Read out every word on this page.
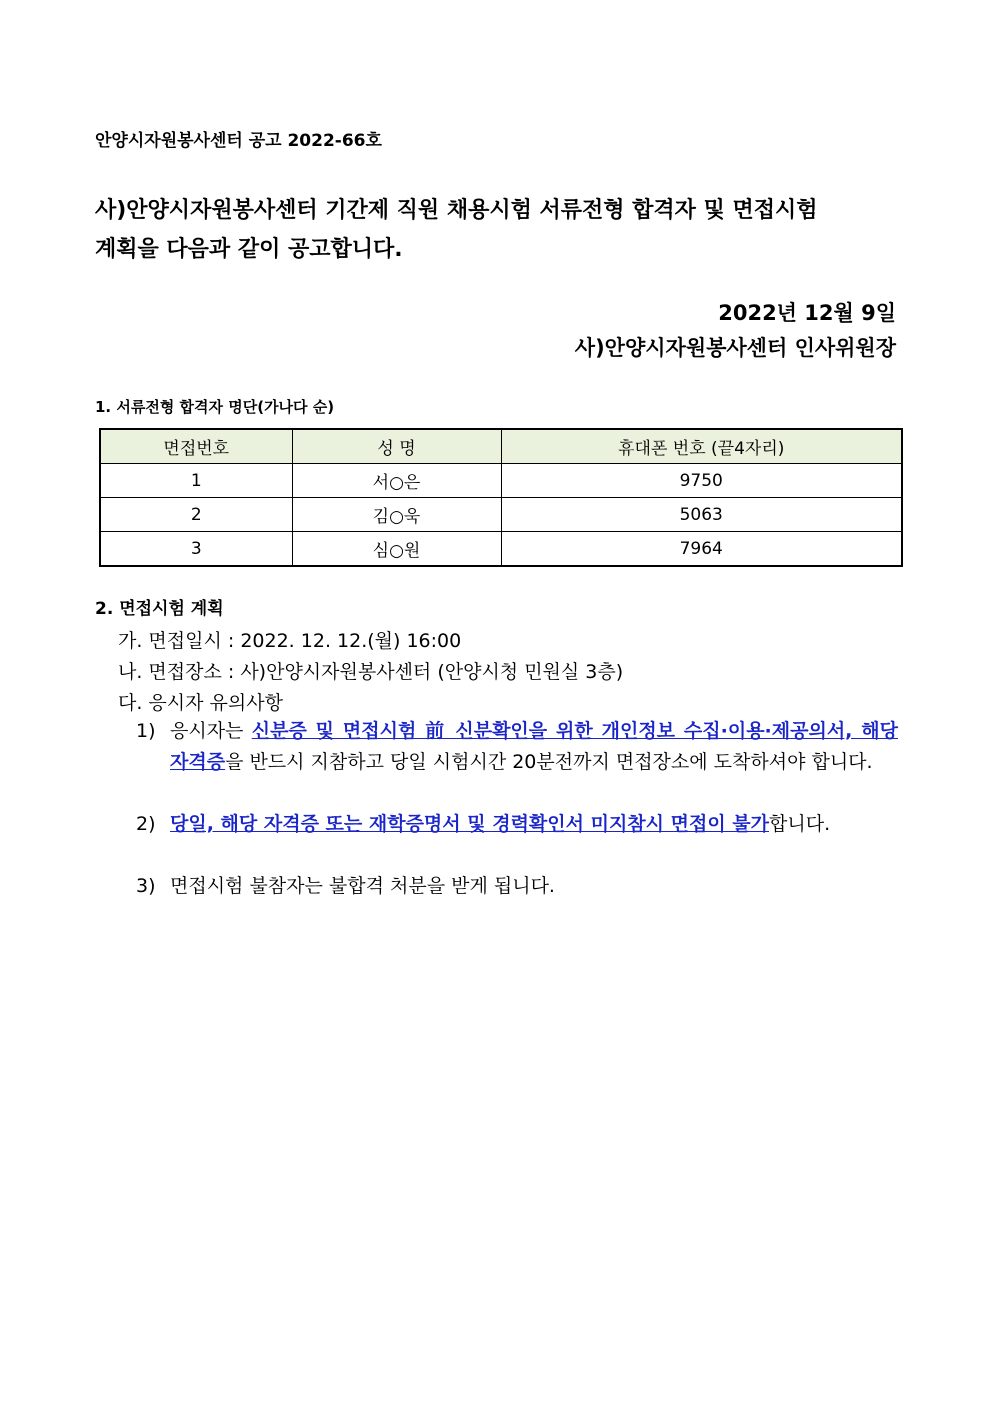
안양시자원봉사센터 공고 2022-66호
사)안양시자원봉사센터 기간제 직원 채용시험 서류전형 합격자 및 면접시험
계획을 다음과 같이 공고합니다.
2022년 12월 9일
사)안양시자원봉사센터 인사위원장
1. 서류전형 합격자 명단(가나다 순)
면접번호	성 명	휴대폰 번호 (끝4자리)
1	서○은	9750
2	김○욱	5063
3	심○원	7964
2. 면접시험 계획
가. 면접일시 : 2022. 12. 12.(월) 16:00
나. 면접장소 : 사)안양시자원봉사센터 (안양시청 민원실 3층)
다. 응시자 유의사항
1) 응시자는 신분증 및 면접시험 前 신분확인을 위한 개인정보 수집·이용·제공의서, 해당 자격증을 반드시 지참하고 당일 시험시간 20분전까지 면접장소에 도착하셔야 합니다.
2) 당일, 해당 자격증 또는 재학증명서 및 경력확인서 미지참시 면접이 불가합니다.
3) 면접시험 불참자는 불합격 처분을 받게 됩니다.
